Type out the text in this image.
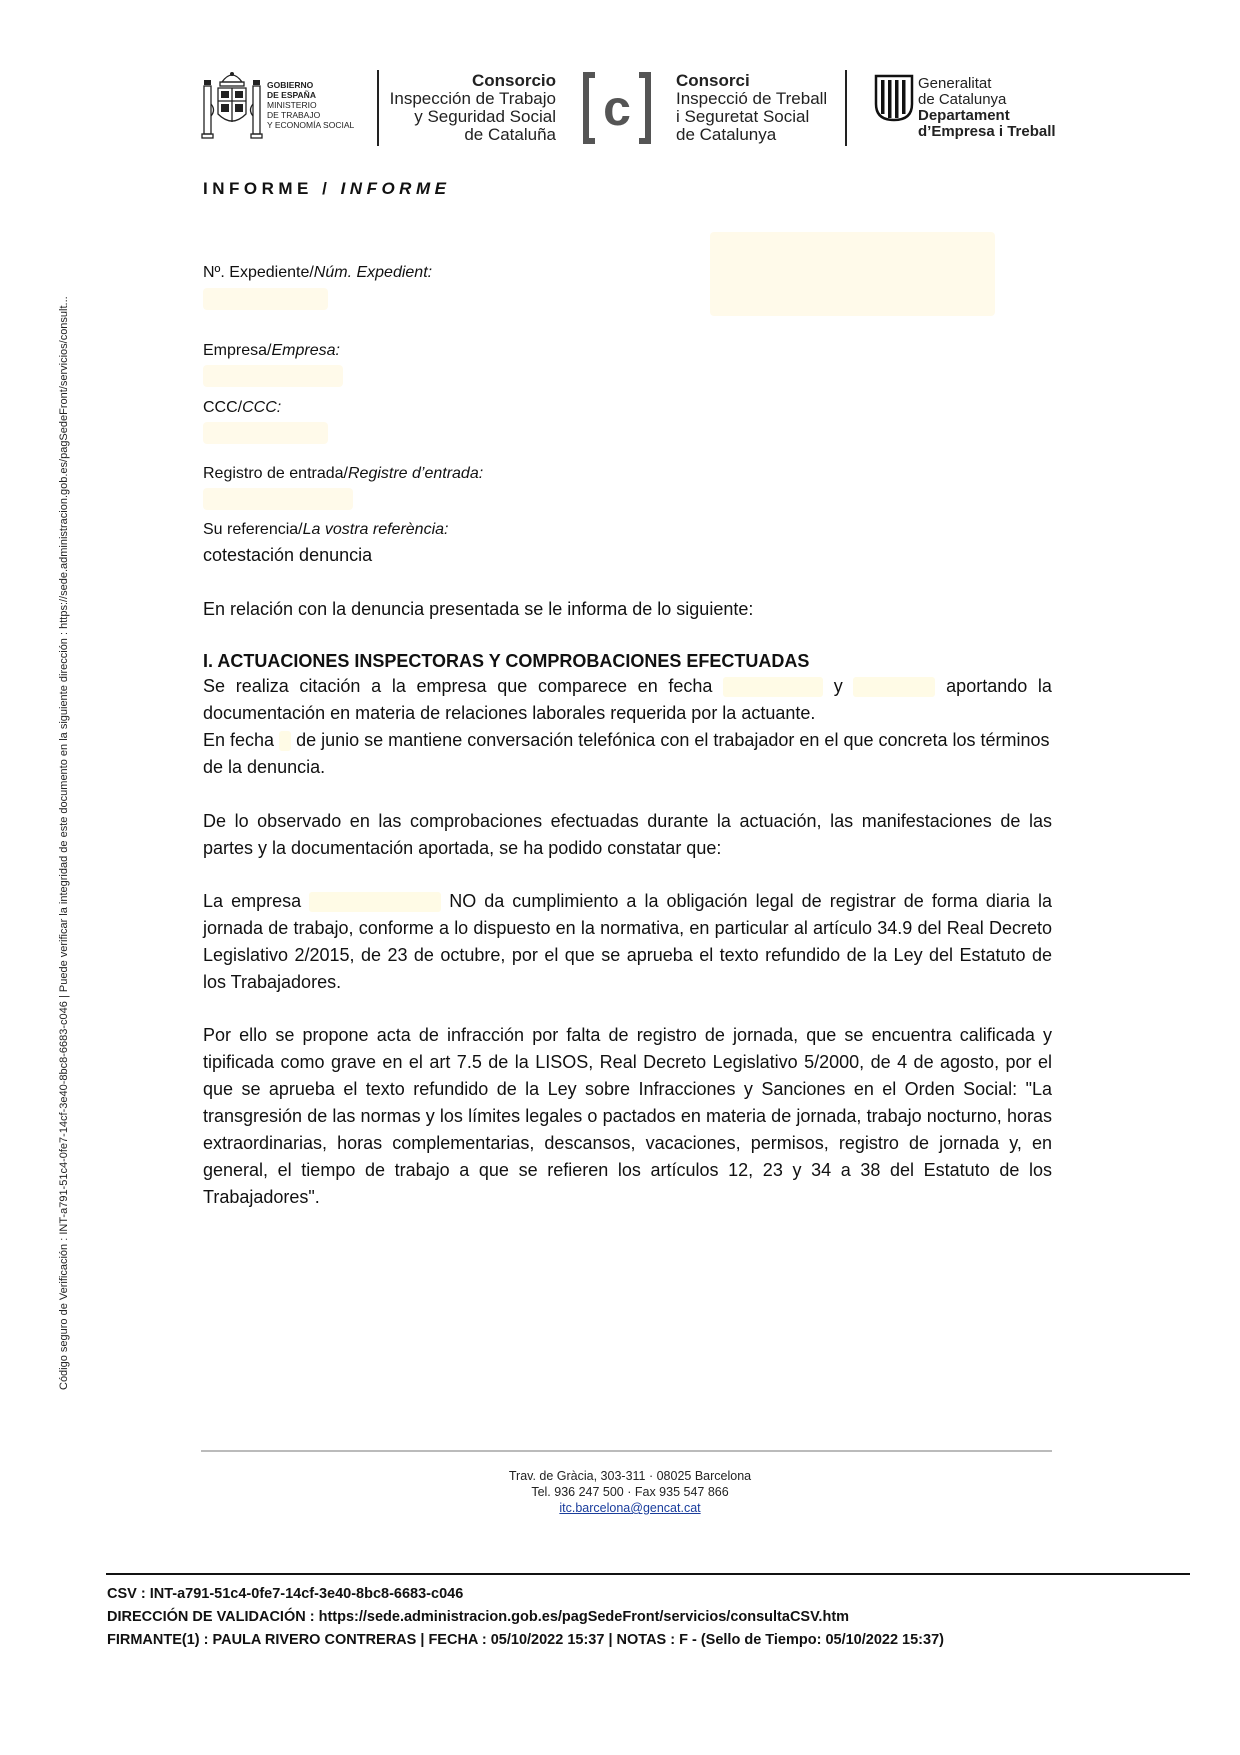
Código seguro de Verificación : INT-a791-51c4-0fe7-14cf-3e40-8bc8-6683-c046 | Puede verificar la integridad de este documento en la siguiente dirección : https://sede.administracion.gob.es/pagSedeFront/servicios/consult...
GOBIERNO
DE ESPAÑA
MINISTERIO
DE TRABAJO
Y ECONOMÍA SOCIAL
Consorcio
Inspección de Trabajo
y Seguridad Social
de Cataluña c	Consorci
Inspecció de Treball
i Seguretat Social
de Catalunya
Generalitat
de Catalunya
Departament
d’Empresa i Treball
INFORME / INFORME
Nº. Expediente/Núm. Expedient:
Empresa/Empresa:
CCC/CCC:
Registro de entrada/Registre d’entrada:
Su referencia/La vostra referència:
cotestación denuncia
En relación con la denuncia presentada se le informa de lo siguiente:
I. ACTUACIONES INSPECTORAS Y COMPROBACIONES EFECTUADAS
Se realiza citación a la empresa que comparece en fecha	y	aportando la documentación en materia de relaciones laborales requerida por la actuante.
En fecha de junio se mantiene conversación telefónica con el trabajador en el que concreta los términos de la denuncia.
De lo observado en las comprobaciones efectuadas durante la actuación, las manifestaciones de las partes y la documentación aportada, se ha podido constatar que:
La empresa	NO da cumplimiento a la obligación legal de registrar de forma diaria la jornada de trabajo, conforme a lo dispuesto en la normativa, en particular al artículo 34.9 del Real Decreto Legislativo 2/2015, de 23 de octubre, por el que se aprueba el texto refundido de la Ley del Estatuto de los Trabajadores.
Por ello se propone acta de infracción por falta de registro de jornada, que se encuentra calificada y tipificada como grave en el art 7.5 de la LISOS, Real Decreto Legislativo 5/2000, de 4 de agosto, por el que se aprueba el texto refundido de la Ley sobre Infracciones y Sanciones en el Orden Social: "La transgresión de las normas y los límites legales o pactados en materia de jornada, trabajo nocturno, horas extraordinarias, horas complementarias, descansos, vacaciones, permisos, registro de jornada y, en general, el tiempo de trabajo a que se refieren los artículos 12, 23 y 34 a 38 del Estatuto de los Trabajadores".
Trav. de Gràcia, 303-311 · 08025 Barcelona
Tel. 936 247 500 · Fax 935 547 866
itc.barcelona@gencat.cat
CSV : INT-a791-51c4-0fe7-14cf-3e40-8bc8-6683-c046
DIRECCIÓN DE VALIDACIÓN : https://sede.administracion.gob.es/pagSedeFront/servicios/consultaCSV.htm
FIRMANTE(1) : PAULA RIVERO CONTRERAS | FECHA : 05/10/2022 15:37 | NOTAS : F - (Sello de Tiempo: 05/10/2022 15:37)
